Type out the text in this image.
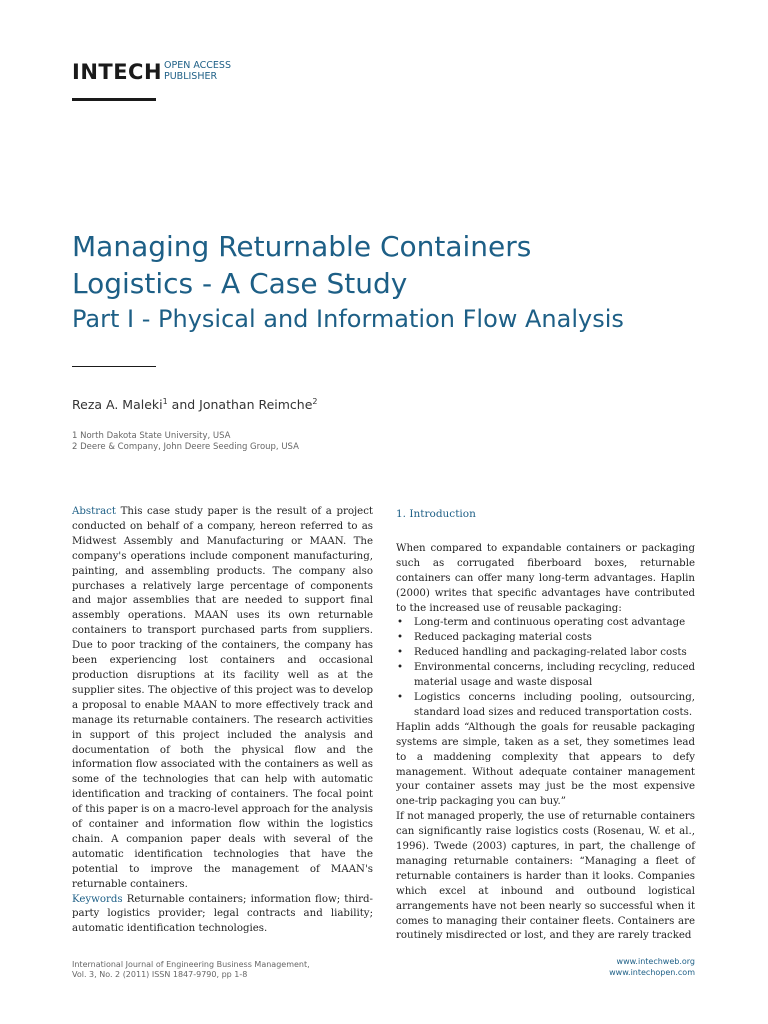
INTECH OPEN ACCESS
PUBLISHER
Managing Returnable Containers
Logistics - A Case Study
Part I - Physical and Information Flow Analysis
Reza A. Maleki$^1$ and Jonathan Reimche$^2$
1 North Dakota State University, USA
2 Deere & Company, John Deere Seeding Group, USA

Abstract This case study paper is the result of a project conducted on behalf of a company, hereon referred to as Midwest Assembly and Manufacturing or MAAN. The company's operations include component manufacturing, painting, and assembling products. The company also purchases a relatively large percentage of components and major assemblies that are needed to support final assembly operations. MAAN uses its own returnable containers to transport purchased parts from suppliers. Due to poor tracking of the containers, the company has been experiencing lost containers and occasional production disruptions at its facility well as at the supplier sites. The objective of this project was to develop a proposal to enable MAAN to more effectively track and manage its returnable containers. The research activities in support of this project included the analysis and documentation of both the physical flow and the information flow associated with the containers as well as some of the technologies that can help with automatic identification and tracking of containers. The focal point of this paper is on a macro-level approach for the analysis of container and information flow within the logistics chain. A companion paper deals with several of the automatic identification technologies that have the potential to improve the management of MAAN's returnable containers.

Keywords Returnable containers; information flow; third-party logistics provider; legal contracts and liability; automatic identification technologies.

1. Introduction

When compared to expandable containers or packaging such as corrugated fiberboard boxes, returnable containers can offer many long-term advantages. Haplin (2000) writes that specific advantages have contributed to the increased use of reusable packaging:

• Long-term and continuous operating cost advantage
• Reduced packaging material costs
• Reduced handling and packaging-related labor costs
• Environmental concerns, including recycling, reduced material usage and waste disposal
• Logistics concerns including pooling, outsourcing, standard load sizes and reduced transportation costs.

Haplin adds “Although the goals for reusable packaging systems are simple, taken as a set, they sometimes lead to a maddening complexity that appears to defy management. Without adequate container management your container assets may just be the most expensive one-trip packaging you can buy.”

If not managed properly, the use of returnable containers can significantly raise logistics costs (Rosenau, W. et al., 1996). Twede (2003) captures, in part, the challenge of managing returnable containers: “Managing a fleet of returnable containers is harder than it looks. Companies which excel at inbound and outbound logistical arrangements have not been nearly so successful when it comes to managing their container fleets. Containers are routinely misdirected or lost, and they are rarely tracked

International Journal of Engineering Business Management,
Vol. 3, No. 2 (2011) ISSN 1847-9790, pp 1-8
www.intechweb.org
www.intechopen.com
